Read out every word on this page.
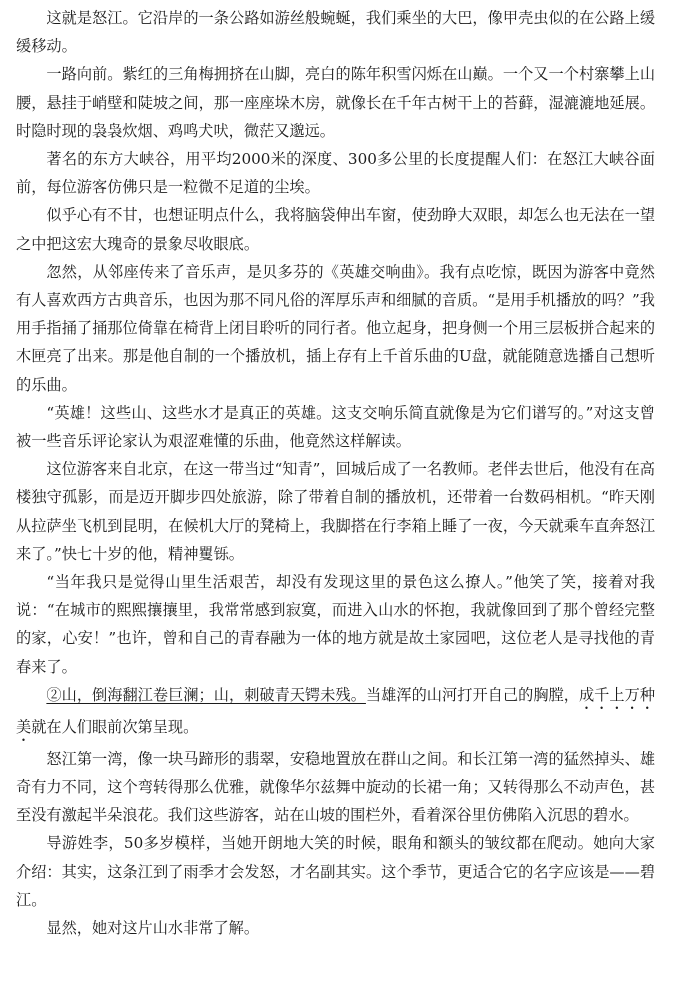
这就是怒江。它沿岸的一条公路如游丝般蜿蜒，我们乘坐的大巴，像甲壳虫似的在公路上缓缓移动。

一路向前。紫红的三角梅拥挤在山脚，亮白的陈年积雪闪烁在山巅。一个又一个村寨攀上山腰，悬挂于峭壁和陡坡之间，那一座座垛木房，就像长在千年古树干上的苔藓，湿漉漉地延展。时隐时现的袅袅炊烟、鸡鸣犬吠，微茫又邈远。

著名的东方大峡谷，用平均2000米的深度、300多公里的长度提醒人们：在怒江大峡谷面前，每位游客仿佛只是一粒微不足道的尘埃。

似乎心有不甘，也想证明点什么，我将脑袋伸出车窗，使劲睁大双眼，却怎么也无法在一望之中把这宏大瑰奇的景象尽收眼底。

忽然，从邻座传来了音乐声，是贝多芬的《英雄交响曲》。我有点吃惊，既因为游客中竟然有人喜欢西方古典音乐，也因为那不同凡俗的浑厚乐声和细腻的音质。“是用手机播放的吗？”我用手指捅了捅那位倚靠在椅背上闭目聆听的同行者。他立起身，把身侧一个用三层板拼合起来的木匣亮了出来。那是他自制的一个播放机，插上存有上千首乐曲的U盘，就能随意选播自己想听的乐曲。

“英雄！这些山、这些水才是真正的英雄。这支交响乐简直就像是为它们谱写的。”对这支曾被一些音乐评论家认为艰涩难懂的乐曲，他竟然这样解读。

这位游客来自北京，在这一带当过“知青”，回城后成了一名教师。老伴去世后，他没有在高楼独守孤影，而是迈开脚步四处旅游，除了带着自制的播放机，还带着一台数码相机。“昨天刚从拉萨坐飞机到昆明，在候机大厅的凳椅上，我脚搭在行李箱上睡了一夜，今天就乘车直奔怒江来了。”快七十岁的他，精神矍铄。

“当年我只是觉得山里生活艰苦，却没有发现这里的景色这么撩人。”他笑了笑，接着对我说：“在城市的熙熙攘攘里，我常常感到寂寞，而进入山水的怀抱，我就像回到了那个曾经完整的家，心安！”也许，曾和自己的青春融为一体的地方就是故土家园吧，这位老人是寻找他的青春来了。

②山，倒海翻江卷巨澜；山，刺破青天锷未残。当雄浑的山河打开自己的胸膛，成千上万种美就在人们眼前次第呈现。

怒江第一湾，像一块马蹄形的翡翠，安稳地置放在群山之间。和长江第一湾的猛然掉头、雄奇有力不同，这个弯转得那么优雅，就像华尔兹舞中旋动的长裙一角；又转得那么不动声色，甚至没有激起半朵浪花。我们这些游客，站在山坡的围栏外，看着深谷里仿佛陷入沉思的碧水。

导游姓李，50多岁模样，当她开朗地大笑的时候，眼角和额头的皱纹都在爬动。她向大家介绍：其实，这条江到了雨季才会发怒，才名副其实。这个季节，更适合它的名字应该是——碧江。

显然，她对这片山水非常了解。
